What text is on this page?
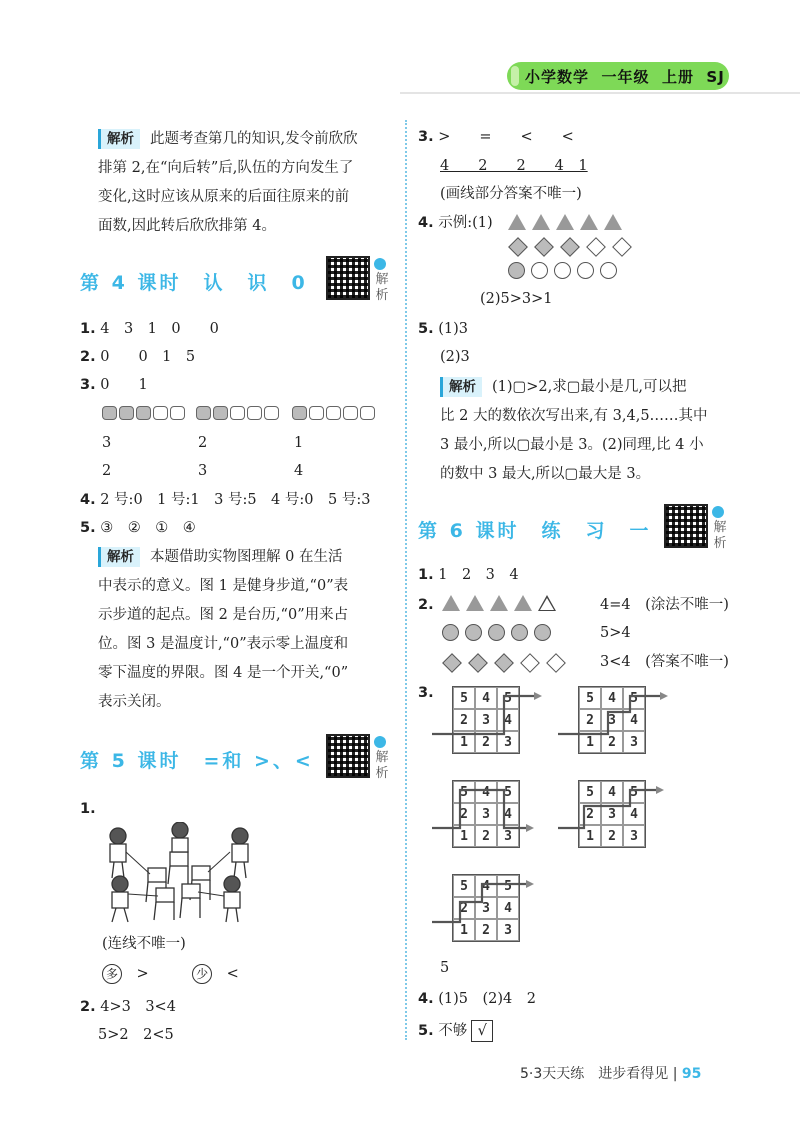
小学数学 一年级 上册 SJ
解析 此题考查第几的知识,发令前欣欣
排第 2,在“向后转”后,队伍的方向发生了
变化,这时应该从原来的后面往原来的前
面数,因此转后欣欣排第 4。
第 4 课时　认　识　0	解析
1. 4　3　1　0　　0
2. 0　　0　1　5
3. 0　　1
3	2	1
2	3	4
4. 2 号:0　1 号:1　3 号:5　4 号:0　5 号:3
5. ③　②　①　④
解析 本题借助实物图理解 0 在生活
中表示的意义。图 1 是健身步道,“0”表
示步道的起点。图 2 是台历,“0”用来占
位。图 3 是温度计,“0”表示零上温度和
零下温度的界限。图 4 是一个开关,“0”
表示关闭。
第 5 课时　=和 >、<	解析
1.
(连线不唯一)
多　 >　　　	少　 <
2. 4>3　3<4
5>2　2<5
3. >　　=　　<　　<
4　　2　　2　　4　1
(画线部分答案不唯一)
4. 示例:(1)
(2)5>3>1
5. (1)3
(2)3
解析 (1)▢>2,求▢最小是几,可以把
比 2 大的数依次写出来,有 3,4,5……其中
3 最小,所以▢最小是 3。(2)同理,比 4 小
的数中 3 最大,所以▢最大是 3。
第 6 课时　练　习　一	解析
1. 1　2　3　4
2.	4=4　(涂法不唯一)
5>4
3<4　(答案不唯一)
3.	5	4	5
2	3	4
1	2	3
5	4	5
2	3	4
1	2	3
5	4	5
2	3	4
1	2	3
5	4	5
2	3	4
1	2	3
5	4	5
2	3	4
1	2	3
5
4. (1)5　(2)4　2
5. 不够 √
5·3天天练　进步看得见 | 95
